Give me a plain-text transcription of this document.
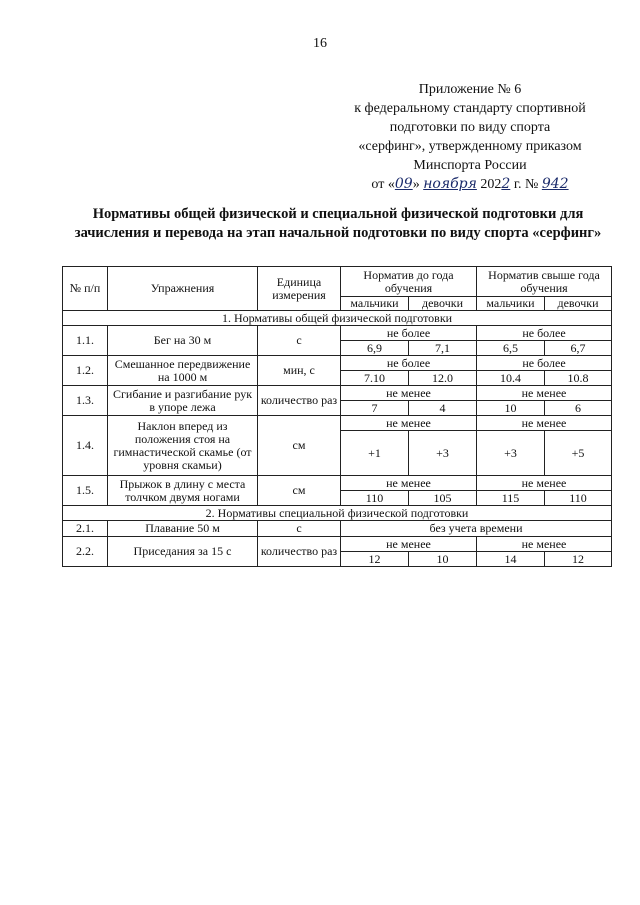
16
Приложение № 6
к федеральному стандарту спортивной
подготовки по виду спорта
«серфинг», утвержденному приказом
Минспорта России
от «09» ноября 2022 г. № 942
Нормативы общей физической и специальной физической подготовки для зачисления и перевода на этап начальной подготовки по виду спорта «серфинг»
№ п/п	Упражнения	Единица измерения	Норматив до года обучения		Норматив свыше года обучения	
			мальчики	девочки	мальчики	девочки
1. Нормативы общей физической подготовки						
1.1.	Бег на 30 м	с	не более		не более	
			6,9	7,1	6,5	6,7
1.2.	Смешанное передвижение на 1000 м	мин, с	не более		не более	
			7.10	12.0	10.4	10.8
1.3.	Сгибание и разгибание рук в упоре лежа	количество раз	не менее		не менее	
			7	4	10	6
1.4.	Наклон вперед из положения стоя на гимнастической скамье (от уровня скамьи)	см	не менее		не менее	
			+1	+3	+3	+5
1.5.	Прыжок в длину с места толчком двумя ногами	см	не менее		не менее	
			110	105	115	110
2. Нормативы специальной физической подготовки						
2.1.	Плавание 50 м	с	без учета времени			
2.2.	Приседания за 15 с	количество раз	не менее		не менее	
			12	10	14	12
